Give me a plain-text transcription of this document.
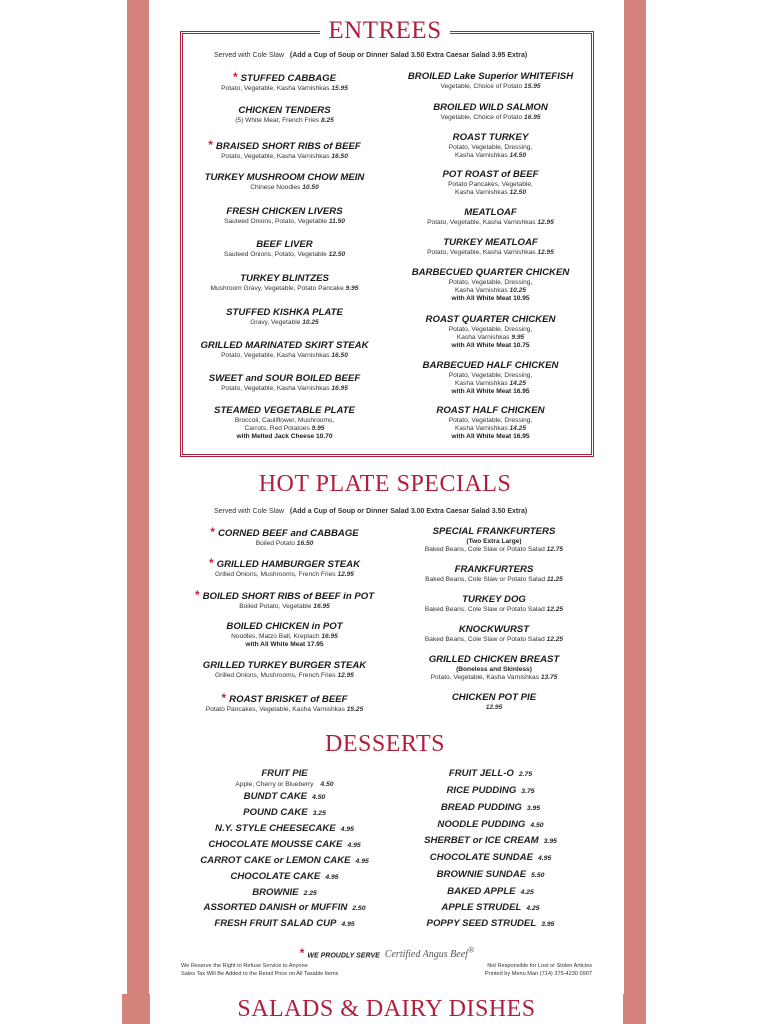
ENTREES
Served with Cole Slaw (Add a Cup of Soup or Dinner Salad 3.50 Extra Caesar Salad 3.95 Extra)
* STUFFED CABBAGE
Potato, Vegetable, Kasha Varnishkas 15.95
CHICKEN TENDERS
(5) White Meat, French Fries 8.25
* BRAISED SHORT RIBS of BEEF
Potato, Vegetable, Kasha Varnishkas 16.50
TURKEY MUSHROOM CHOW MEIN
Chinese Noodles 10.50
FRESH CHICKEN LIVERS
Sauteed Onions, Potato, Vegetable 11.50
BEEF LIVER
Sauteed Onions, Potato, Vegetable 12.50
TURKEY BLINTZES
Mushroom Gravy, Vegetable, Potato Pancake 9.95
STUFFED KISHKA PLATE
Gravy, Vegetable 10.25
GRILLED MARINATED SKIRT STEAK
Potato, Vegetable, Kasha Varnishkas 16.50
SWEET and SOUR BOILED BEEF
Potato, Vegetable, Kasha Varnishkas 16.95
STEAMED VEGETABLE PLATE
Broccoli, Cauliflower, Mushrooms,
Carrots, Red Potatoes 9.95
with Melted Jack Cheese 10.70
BROILED Lake Superior WHITEFISH
Vegetable, Choice of Potato 15.95
BROILED WILD SALMON
Vegetable, Choice of Potato 16.95
ROAST TURKEY
Potato, Vegetable, Dressing,
Kasha Varnishkas 14.50
POT ROAST of BEEF
Potato Pancakes, Vegetable,
Kasha Varnishkas 12.50
MEATLOAF
Potato, Vegetable, Kasha Varnishkas 12.95
TURKEY MEATLOAF
Potato, Vegetable, Kasha Varnishkas 12.95
BARBECUED QUARTER CHICKEN
Potato, Vegetable, Dressing,
Kasha Varnishkas 10.25
with All White Meat 10.95
ROAST QUARTER CHICKEN
Potato, Vegetable, Dressing,
Kasha Varnishkas 9.95
with All White Meat 10.75
BARBECUED HALF CHICKEN
Potato, Vegetable, Dressing,
Kasha Varnishkas 14.25
with All White Meat 16.95
ROAST HALF CHICKEN
Potato, Vegetable, Dressing,
Kasha Varnishkas 14.25
with All White Meat 16.95
HOT PLATE SPECIALS
Served with Cole Slaw (Add a Cup of Soup or Dinner Salad 3.00 Extra Caesar Salad 3.50 Extra)
* CORNED BEEF and CABBAGE
Boiled Potato 16.50
* GRILLED HAMBURGER STEAK
Grilled Onions, Mushrooms, French Fries 12.95
* BOILED SHORT RIBS of BEEF in POT
Boiled Potato, Vegetable 16.95
BOILED CHICKEN in POT
Noodles, Matzo Ball, Kreplach 16.95
with All White Meat 17.95
GRILLED TURKEY BURGER STEAK
Grilled Onions, Mushrooms, French Fries 12.95
* ROAST BRISKET of BEEF
Potato Pancakes, Vegetable, Kasha Varnishkas 15.25
SPECIAL FRANKFURTERS
(Two Extra Large)
Baked Beans, Cole Slaw or Potato Salad 12.75
FRANKFURTERS
Baked Beans, Cole Slaw or Potato Salad 11.25
TURKEY DOG
Baked Beans, Cole Slaw or Potato Salad 12.25
KNOCKWURST
Baked Beans, Cole Slaw or Potato Salad 12.25
GRILLED CHICKEN BREAST
(Boneless and Skinless)
Potato, Vegetable, Kasha Varnishkas 13.75
CHICKEN POT PIE
12.95
DESSERTS
FRUIT PIE
Apple, Cherry or Blueberry 4.50
BUNDT CAKE 4.50
POUND CAKE 3.25
N.Y. STYLE CHEESECAKE 4.95
CHOCOLATE MOUSSE CAKE 4.95
CARROT CAKE or LEMON CAKE 4.95
CHOCOLATE CAKE 4.95
BROWNIE 2.25
ASSORTED DANISH or MUFFIN 2.50
FRESH FRUIT SALAD CUP 4.95
FRUIT JELL-O 2.75
RICE PUDDING 3.75
BREAD PUDDING 3.95
NOODLE PUDDING 4.50
SHERBET or ICE CREAM 3.95
CHOCOLATE SUNDAE 4.95
BROWNIE SUNDAE 5.50
BAKED APPLE 4.25
APPLE STRUDEL 4.25
POPPY SEED STRUDEL 3.95
* WE PROUDLY SERVE Certified Angus Beef®
We Reserve the Right to Refuse Service to Anyone
Sales Tax Will Be Added to the Retail Price on All Taxable Items
Not Responsible for Lost or Stolen Articles
Printed by Menu Man (714) 375-4230 0907
SALADS & DAIRY DISHES
